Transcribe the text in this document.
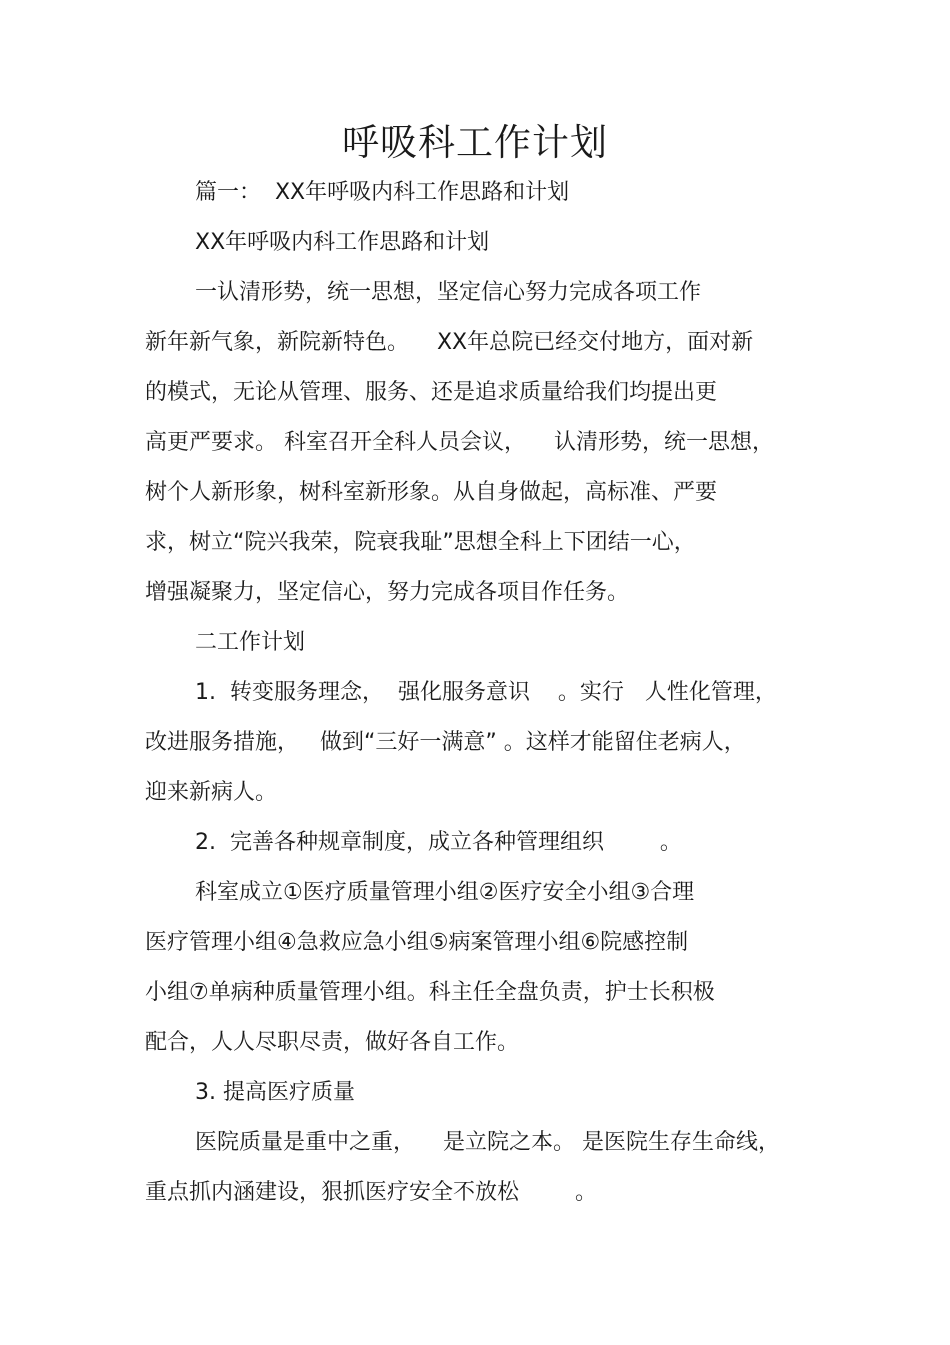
呼吸科工作计划

篇一：  XX年呼吸内科工作思路和计划

XX年呼吸内科工作思路和计划

一认清形势，统一思想，坚定信心努力完成各项工作

新年新气象，新院新特色。    XX年总院已经交付地方，面对新

的模式，无论从管理、服务、还是追求质量给我们均提出更

高更严要求。 科室召开全科人员会议，    认清形势，统一思想，

树个人新形象，树科室新形象。从自身做起，高标准、严要

求，树立“院兴我荣，院衰我耻”思想全科上下团结一心，

增强凝聚力，坚定信心，努力完成各项目作任务。

二工作计划

1.  转变服务理念，  强化服务意识    。实行   人性化管理，

改进服务措施，   做到“三好一满意” 。这样才能留住老病人，

迎来新病人。

2.  完善各种规章制度，成立各种管理组织        。

科室成立①医疗质量管理小组②医疗安全小组③合理

医疗管理小组④急救应急小组⑤病案管理小组⑥院感控制

小组⑦单病种质量管理小组。科主任全盘负责，护士长积极

配合，人人尽职尽责，做好各自工作。

3. 提高医疗质量

医院质量是重中之重，    是立院之本。 是医院生存生命线，

重点抓内涵建设，狠抓医疗安全不放松        。
